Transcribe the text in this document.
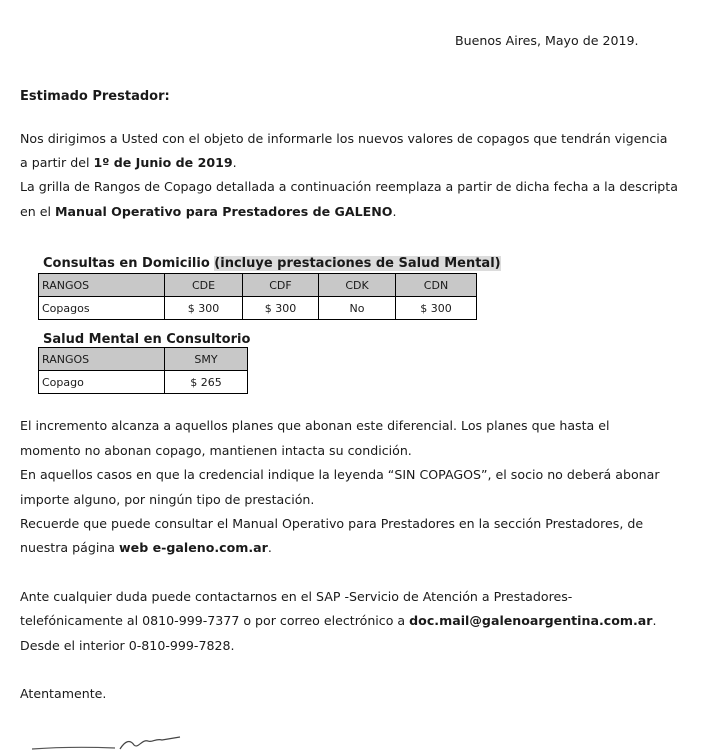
Buenos Aires, Mayo de 2019.
Estimado Prestador:
Nos dirigimos a Usted con el objeto de informarle los nuevos valores de copagos que tendrán vigencia
a partir del 1º de Junio de 2019.
La grilla de Rangos de Copago detallada a continuación reemplaza a partir de dicha fecha a la descripta
en el Manual Operativo para Prestadores de GALENO.
Consultas en Domicilio (incluye prestaciones de Salud Mental)
RANGOS	CDE	CDF	CDK	CDN
Copagos	$ 300	$ 300	No	$ 300
Salud Mental en Consultorio
RANGOS	SMY
Copago	$ 265
El incremento alcanza a aquellos planes que abonan este diferencial. Los planes que hasta el
momento no abonan copago, mantienen intacta su condición.
En aquellos casos en que la credencial indique la leyenda “SIN COPAGOS”, el socio no deberá abonar
importe alguno, por ningún tipo de prestación.
Recuerde que puede consultar el Manual Operativo para Prestadores en la sección Prestadores, de
nuestra página web e-galeno.com.ar.
Ante cualquier duda puede contactarnos en el SAP -Servicio de Atención a Prestadores-
telefónicamente al 0810-999-7377 o por correo electrónico a doc.mail@galenoargentina.com.ar.
Desde el interior 0-810-999-7828.
Atentamente.
